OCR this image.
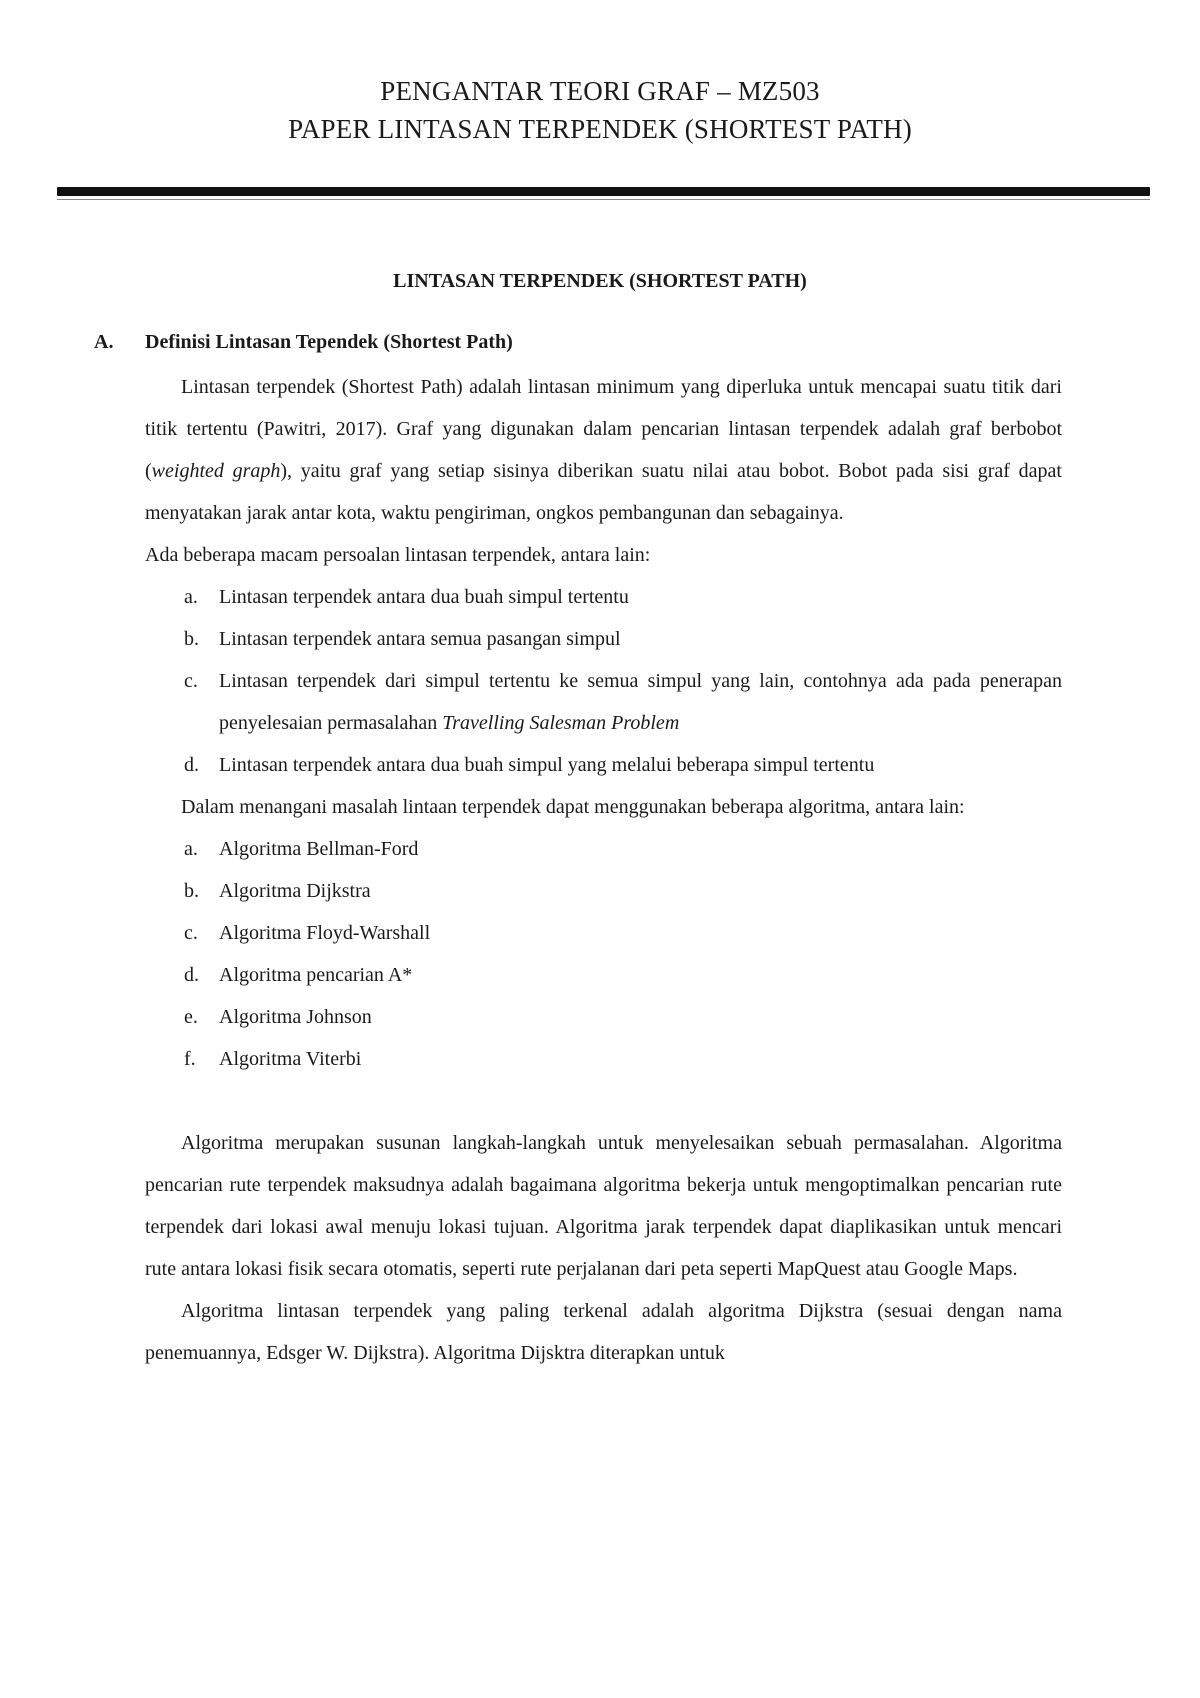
PENGANTAR TEORI GRAF – MZ503
PAPER LINTASAN TERPENDEK (SHORTEST PATH)
LINTASAN TERPENDEK (SHORTEST PATH)
A. Definisi Lintasan Tependek (Shortest Path)

Lintasan terpendek (Shortest Path) adalah lintasan minimum yang diperluka untuk mencapai suatu titik dari titik tertentu (Pawitri, 2017). Graf yang digunakan dalam pencarian lintasan terpendek adalah graf berbobot (weighted graph), yaitu graf yang setiap sisinya diberikan suatu nilai atau bobot. Bobot pada sisi graf dapat menyatakan jarak antar kota, waktu pengiriman, ongkos pembangunan dan sebagainya.

Ada beberapa macam persoalan lintasan terpendek, antara lain:

a. Lintasan terpendek antara dua buah simpul tertentu
b. Lintasan terpendek antara semua pasangan simpul
c. Lintasan terpendek dari simpul tertentu ke semua simpul yang lain, contohnya ada pada penerapan penyelesaian permasalahan Travelling Salesman Problem
d. Lintasan terpendek antara dua buah simpul yang melalui beberapa simpul tertentu

Dalam menangani masalah lintaan terpendek dapat menggunakan beberapa algoritma, antara lain:

a. Algoritma Bellman-Ford
b. Algoritma Dijkstra
c. Algoritma Floyd-Warshall
d. Algoritma pencarian A*
e. Algoritma Johnson
f. Algoritma Viterbi

Algoritma merupakan susunan langkah-langkah untuk menyelesaikan sebuah permasalahan. Algoritma pencarian rute terpendek maksudnya adalah bagaimana algoritma bekerja untuk mengoptimalkan pencarian rute terpendek dari lokasi awal menuju lokasi tujuan. Algoritma jarak terpendek dapat diaplikasikan untuk mencari rute antara lokasi fisik secara otomatis, seperti rute perjalanan dari peta seperti MapQuest atau Google Maps.

Algoritma lintasan terpendek yang paling terkenal adalah algoritma Dijkstra (sesuai dengan nama penemuannya, Edsger W. Dijkstra). Algoritma Dijsktra diterapkan untuk
